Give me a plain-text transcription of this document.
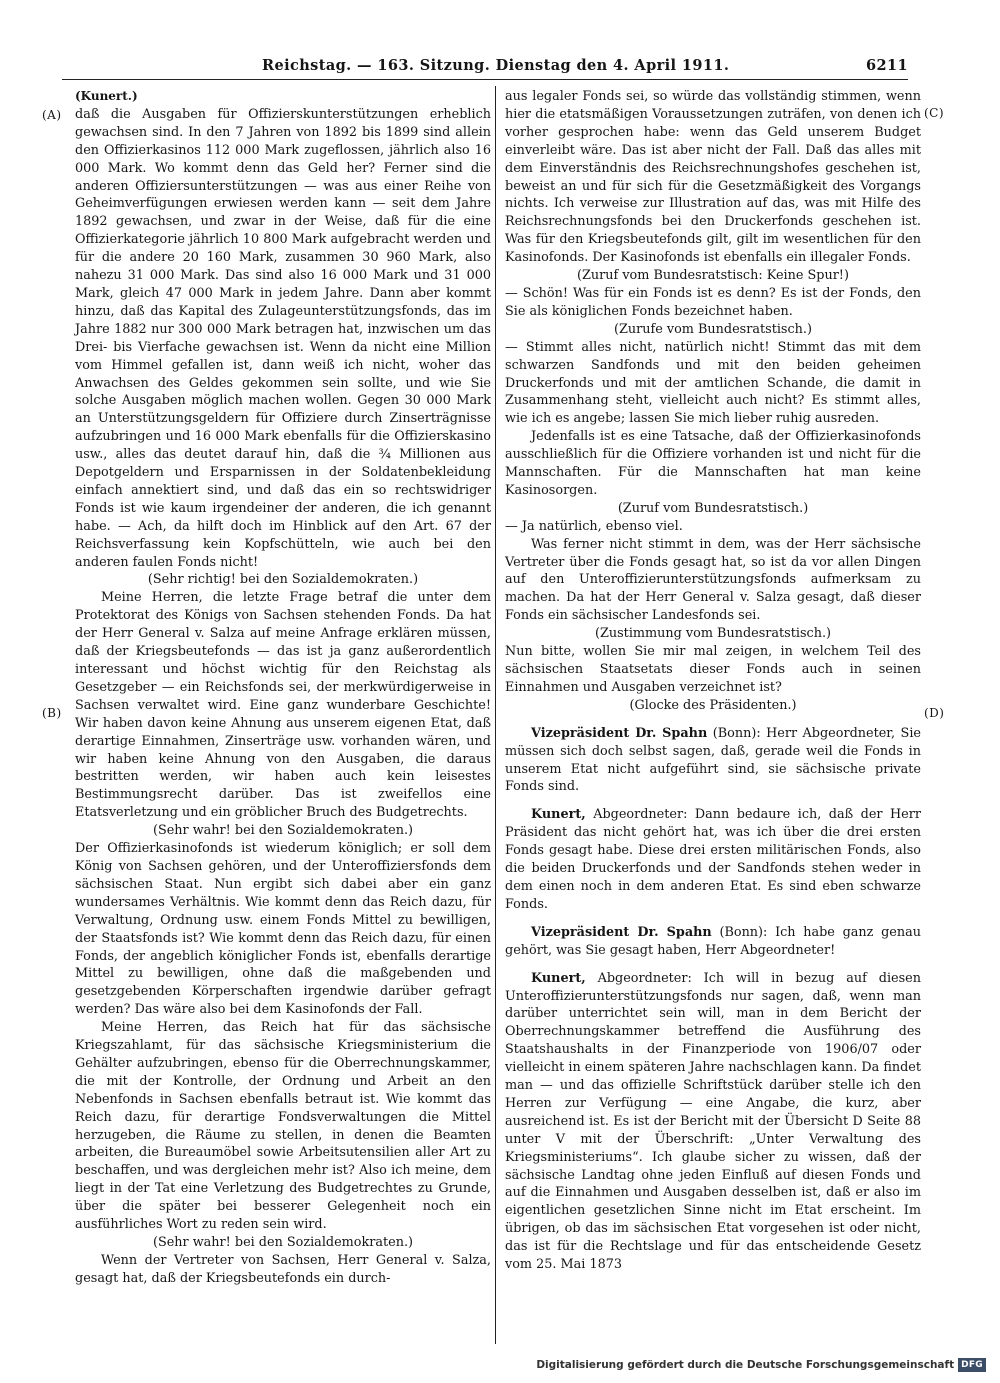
Reichstag. — 163. Sitzung. Dienstag den 4. April 1911.	6211
(A)
(B)
(C)
(D)

(Kunert.)

daß die Ausgaben für Offizierskunterstützungen erheblich gewachsen sind. In den 7 Jahren von 1892 bis 1899 sind allein den Offizierkasinos 112 000 Mark zugeflossen, jährlich also 16 000 Mark. Wo kommt denn das Geld her? Ferner sind die anderen Offiziersunterstützungen — was aus einer Reihe von Geheimverfügungen erwiesen werden kann — seit dem Jahre 1892 gewachsen, und zwar in der Weise, daß für die eine Offizierkategorie jährlich 10 800 Mark aufgebracht werden und für die andere 20 160 Mark, zusammen 30 960 Mark, also nahezu 31 000 Mark. Das sind also 16 000 Mark und 31 000 Mark, gleich 47 000 Mark in jedem Jahre. Dann aber kommt hinzu, daß das Kapital des Zulageunterstützungsfonds, das im Jahre 1882 nur 300 000 Mark betragen hat, inzwischen um das Drei- bis Vierfache gewachsen ist. Wenn da nicht eine Million vom Himmel gefallen ist, dann weiß ich nicht, woher das Anwachsen des Geldes gekommen sein sollte, und wie Sie solche Ausgaben möglich machen wollen. Gegen 30 000 Mark an Unterstützungsgeldern für Offiziere durch Zinserträgnisse aufzubringen und 16 000 Mark ebenfalls für die Offizierskasino usw., alles das deutet darauf hin, daß die ¾ Millionen aus Depotgeldern und Ersparnissen in der Soldatenbekleidung einfach annektiert sind, und daß das ein so rechtswidriger Fonds ist wie kaum irgendeiner der anderen, die ich genannt habe. — Ach, da hilft doch im Hinblick auf den Art. 67 der Reichsverfassung kein Kopfschütteln, wie auch bei den anderen faulen Fonds nicht!

(Sehr richtig! bei den Sozialdemokraten.)

Meine Herren, die letzte Frage betraf die unter dem Protektorat des Königs von Sachsen stehenden Fonds. Da hat der Herr General v. Salza auf meine Anfrage erklären müssen, daß der Kriegsbeutefonds — das ist ja ganz außerordentlich interessant und höchst wichtig für den Reichstag als Gesetzgeber — ein Reichsfonds sei, der merkwürdigerweise in Sachsen verwaltet wird. Eine ganz wunderbare Geschichte! Wir haben davon keine Ahnung aus unserem eigenen Etat, daß derartige Einnahmen, Zinserträge usw. vorhanden wären, und wir haben keine Ahnung von den Ausgaben, die daraus bestritten werden, wir haben auch kein leisestes Bestimmungsrecht darüber. Das ist zweifellos eine Etatsverletzung und ein gröblicher Bruch des Budgetrechts.

(Sehr wahr! bei den Sozialdemokraten.)

Der Offizierkasinofonds ist wiederum königlich; er soll dem König von Sachsen gehören, und der Unteroffiziersfonds dem sächsischen Staat. Nun ergibt sich dabei aber ein ganz wundersames Verhältnis. Wie kommt denn das Reich dazu, für Verwaltung, Ordnung usw. einem Fonds Mittel zu bewilligen, der Staatsfonds ist? Wie kommt denn das Reich dazu, für einen Fonds, der angeblich königlicher Fonds ist, ebenfalls derartige Mittel zu bewilligen, ohne daß die maßgebenden und gesetzgebenden Körperschaften irgendwie darüber gefragt werden? Das wäre also bei dem Kasinofonds der Fall.

Meine Herren, das Reich hat für das sächsische Kriegszahlamt, für das sächsische Kriegsministerium die Gehälter aufzubringen, ebenso für die Oberrechnungskammer, die mit der Kontrolle, der Ordnung und Arbeit an den Nebenfonds in Sachsen ebenfalls betraut ist. Wie kommt das Reich dazu, für derartige Fondsverwaltungen die Mittel herzugeben, die Räume zu stellen, in denen die Beamten arbeiten, die Bureaumöbel sowie Arbeitsutensilien aller Art zu beschaffen, und was dergleichen mehr ist? Also ich meine, dem liegt in der Tat eine Verletzung des Budgetrechtes zu Grunde, über die später bei besserer Gelegenheit noch ein ausführliches Wort zu reden sein wird.

(Sehr wahr! bei den Sozialdemokraten.)

Wenn der Vertreter von Sachsen, Herr General v. Salza, gesagt hat, daß der Kriegsbeutefonds ein durch-

aus legaler Fonds sei, so würde das vollständig stimmen, wenn hier die etatsmäßigen Voraussetzungen zuträfen, von denen ich vorher gesprochen habe: wenn das Geld unserem Budget einverleibt wäre. Das ist aber nicht der Fall. Daß das alles mit dem Einverständnis des Reichsrechnungshofes geschehen ist, beweist an und für sich für die Gesetzmäßigkeit des Vorgangs nichts. Ich verweise zur Illustration auf das, was mit Hilfe des Reichsrechnungsfonds bei den Druckerfonds geschehen ist. Was für den Kriegsbeutefonds gilt, gilt im wesentlichen für den Kasinofonds. Der Kasinofonds ist ebenfalls ein illegaler Fonds.

(Zuruf vom Bundesratstisch: Keine Spur!)

— Schön! Was für ein Fonds ist es denn? Es ist der Fonds, den Sie als königlichen Fonds bezeichnet haben.

(Zurufe vom Bundesratstisch.)

— Stimmt alles nicht, natürlich nicht! Stimmt das mit dem schwarzen Sandfonds und mit den beiden geheimen Druckerfonds und mit der amtlichen Schande, die damit in Zusammenhang steht, vielleicht auch nicht? Es stimmt alles, wie ich es angebe; lassen Sie mich lieber ruhig ausreden.

Jedenfalls ist es eine Tatsache, daß der Offizierkasinofonds ausschließlich für die Offiziere vorhanden ist und nicht für die Mannschaften. Für die Mannschaften hat man keine Kasinosorgen.

(Zuruf vom Bundesratstisch.)

— Ja natürlich, ebenso viel.

Was ferner nicht stimmt in dem, was der Herr sächsische Vertreter über die Fonds gesagt hat, so ist da vor allen Dingen auf den Unteroffizierunterstützungsfonds aufmerksam zu machen. Da hat der Herr General v. Salza gesagt, daß dieser Fonds ein sächsischer Landesfonds sei.

(Zustimmung vom Bundesratstisch.)

Nun bitte, wollen Sie mir mal zeigen, in welchem Teil des sächsischen Staatsetats dieser Fonds auch in seinen Einnahmen und Ausgaben verzeichnet ist?

(Glocke des Präsidenten.)

Vizepräsident Dr. Spahn (Bonn): Herr Abgeordneter, Sie müssen sich doch selbst sagen, daß, gerade weil die Fonds in unserem Etat nicht aufgeführt sind, sie sächsische private Fonds sind.

Kunert, Abgeordneter: Dann bedaure ich, daß der Herr Präsident das nicht gehört hat, was ich über die drei ersten Fonds gesagt habe. Diese drei ersten militärischen Fonds, also die beiden Druckerfonds und der Sandfonds stehen weder in dem einen noch in dem anderen Etat. Es sind eben schwarze Fonds.

Vizepräsident Dr. Spahn (Bonn): Ich habe ganz genau gehört, was Sie gesagt haben, Herr Abgeordneter!

Kunert, Abgeordneter: Ich will in bezug auf diesen Unteroffizierunterstützungsfonds nur sagen, daß, wenn man darüber unterrichtet sein will, man in dem Bericht der Oberrechnungskammer betreffend die Ausführung des Staatshaushalts in der Finanzperiode von 1906/07 oder vielleicht in einem späteren Jahre nachschlagen kann. Da findet man — und das offizielle Schriftstück darüber stelle ich den Herren zur Verfügung — eine Angabe, die kurz, aber ausreichend ist. Es ist der Bericht mit der Übersicht D Seite 88 unter V mit der Überschrift: „Unter Verwaltung des Kriegsministeriums“. Ich glaube sicher zu wissen, daß der sächsische Landtag ohne jeden Einfluß auf diesen Fonds und auf die Einnahmen und Ausgaben desselben ist, daß er also im eigentlichen gesetzlichen Sinne nicht im Etat erscheint. Im übrigen, ob das im sächsischen Etat vorgesehen ist oder nicht, das ist für die Rechtslage und für das entscheidende Gesetz vom 25. Mai 1873

Digitalisierung gefördert durch die Deutsche Forschungsgemeinschaft DFG
